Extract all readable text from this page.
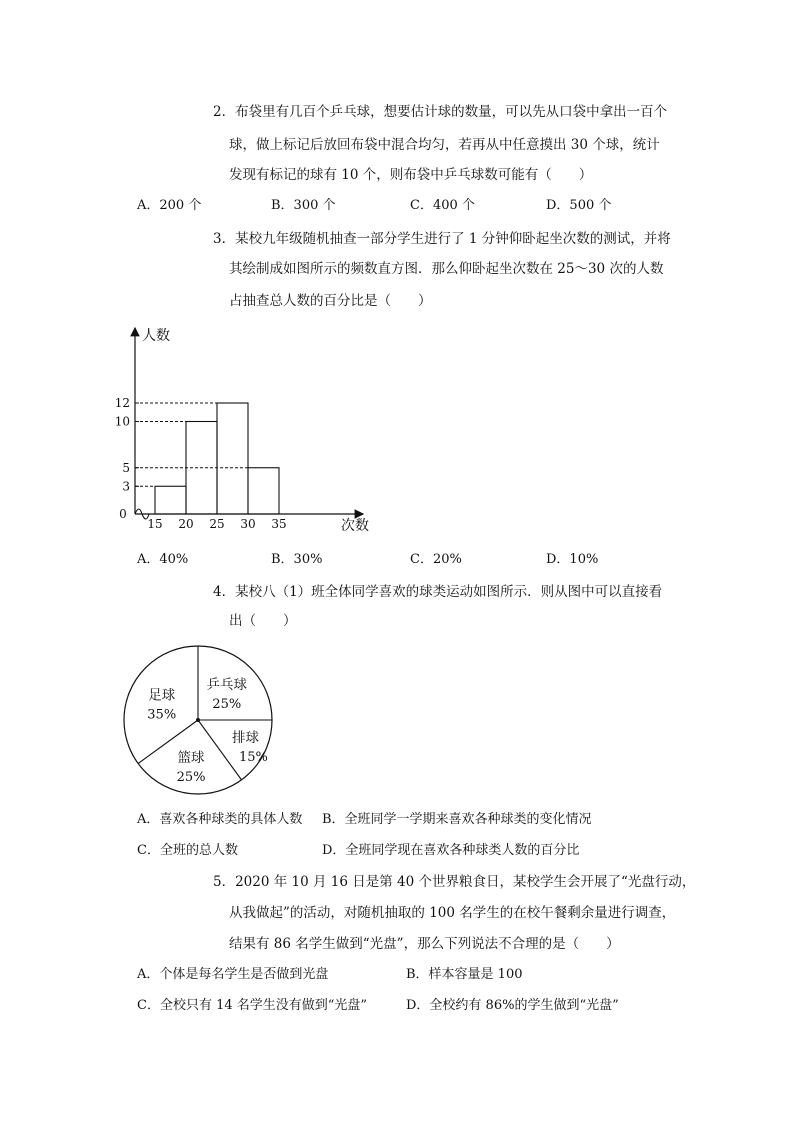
2．布袋里有几百个乒乓球，想要估计球的数量，可以先从口袋中拿出一百个
球，做上标记后放回布袋中混合均匀，若再从中任意摸出 30 个球，统计
发现有标记的球有 10 个，则布袋中乒乓球数可能有（　　）
A．200 个	B．300 个	C．400 个	D．500 个
3．某校九年级随机抽查一部分学生进行了 1 分钟仰卧起坐次数的测试，并将
其绘制成如图所示的频数直方图．那么仰卧起坐次数在 25～30 次的人数
占抽查总人数的百分比是（　　）
人数
次数
0
3
5
10
12
15 20 25 30 35
A．40%	B．30%	C．20%	D．10%
4．某校八（1）班全体同学喜欢的球类运动如图所示．则从图中可以直接看
出（　　）
乒乓球
25%
排球
15%
篮球
25%
足球
35%
A．喜欢各种球类的具体人数 B．全班同学一学期来喜欢各种球类的变化情况
C．全班的总人数	D．全班同学现在喜欢各种球类人数的百分比
5．2020 年 10 月 16 日是第 40 个世界粮食日，某校学生会开展了“光盘行动，
从我做起”的活动，对随机抽取的 100 名学生的在校午餐剩余量进行调查，
结果有 86 名学生做到“光盘”，那么下列说法不合理的是（　　）
A．个体是每名学生是否做到光盘	B．样本容量是 100
C．全校只有 14 名学生没有做到“光盘”	D．全校约有 86%的学生做到“光盘”
